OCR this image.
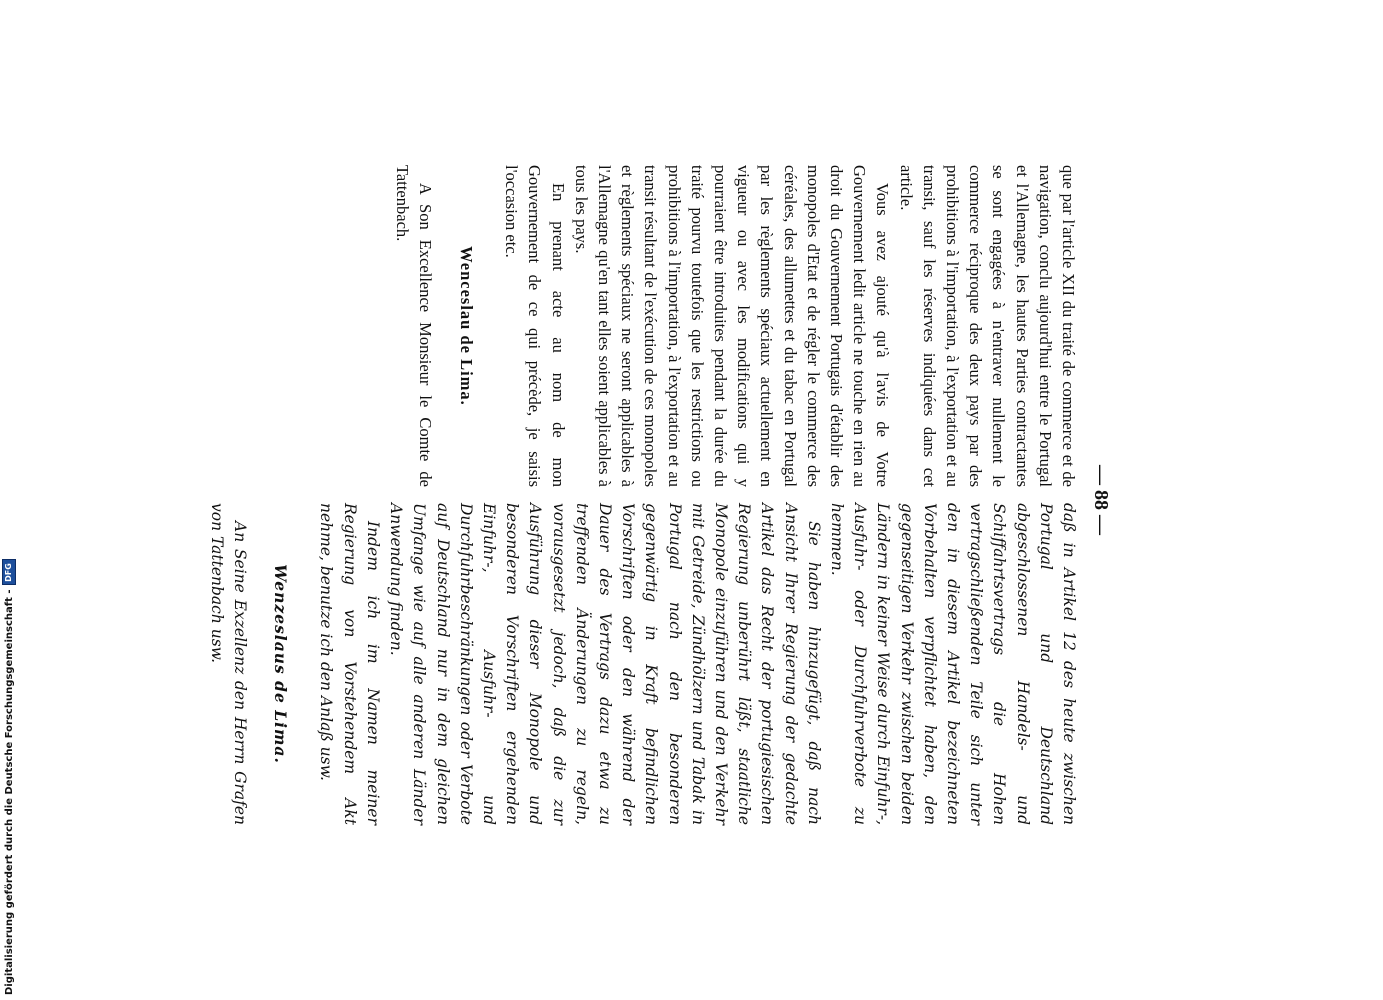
— 88 —

que par l'article XII du traité de commerce et de navigation, conclu aujourd'hui entre le Portugal et l'Allemagne, les hautes Parties contractantes se sont engagées à n'entraver nullement le commerce réciproque des deux pays par des prohibitions à l'importation, à l'exportation et au transit, sauf les réserves indiquées dans cet article.

Vous avez ajouté qu'à l'avis de Votre Gouvernement ledit article ne touche en rien au droit du Gouvernement Portugais d'établir des monopoles d'Etat et de régler le commerce des céréales, des allumettes et du tabac en Portugal par les règlements spéciaux actuellement en vigueur ou avec les modifications qui y pourraient être introduites pendant la durée du traité pourvu toutefois que les restrictions ou prohibitions à l'importation, à l'exportation et au transit résultant de l'exécution de ces monopoles et règlements spéciaux ne seront applicables à l'Allemagne qu'en tant elles soient applicables à tous les pays.

En prenant acte au nom de mon Gouvernement de ce qui précède, je saisis l'occasion etc.

Wenceslau de Lima.

A Son Excellence Monsieur le Comte de Tattenbach.

daß in Artikel 12 des heute zwischen Portugal und Deutschland abgeschlossenen Handels- und Schiffahrtsvertrags die Hohen vertragschließenden Teile sich unter den in diesem Artikel bezeichneten Vorbehalten verpflichtet haben, den gegenseitigen Verkehr zwischen beiden Ländern in keiner Weise durch Einfuhr-, Ausfuhr- oder Durchfuhrverbote zu hemmen.

Sie haben hinzugefügt, daß nach Ansicht Ihrer Regierung der gedachte Artikel das Recht der portugiesischen Regierung unberührt läßt, staatliche Monopole einzuführen und den Verkehr mit Getreide, Zündhölzern und Tabak in Portugal nach den besonderen gegenwärtig in Kraft befindlichen Vorschriften oder den während der Dauer des Vertrags dazu etwa zu treffenden Änderungen zu regeln, vorausgesetzt jedoch, daß die zur Ausführung dieser Monopole und besonderen Vorschriften ergehenden Einfuhr-, Ausfuhr- und Durchfuhrbeschränkungen oder Verbote auf Deutschland nur in dem gleichen Umfange wie auf alle anderen Länder Anwendung finden.

Indem ich im Namen meiner Regierung von Vorstehendem Akt nehme, benutze ich den Anlaß usw.

Wenzeslaus de Lima.

An Seine Exzellenz den Herrn Grafen von Tattenbach usw.

Digitalisierung gefördert durch die Deutsche Forschungsgemeinschaft -
DFG
